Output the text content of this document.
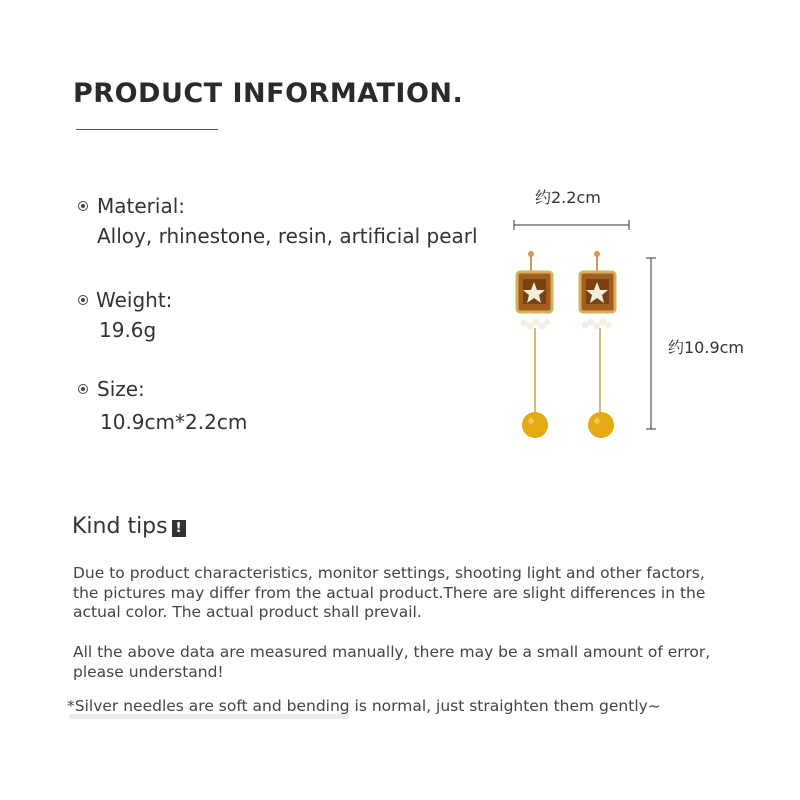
PRODUCT INFORMATION.
Material:
Alloy, rhinestone, resin, artificial pearl
Weight:
19.6g
Size:
10.9cm*2.2cm
约2.2cm
约10.9cm
Kind tips !
Due to product characteristics, monitor settings, shooting light and other factors, the pictures may differ from the actual product.There are slight differences in the actual color. The actual product shall prevail.
All the above data are measured manually, there may be a small amount of error, please understand!
*Silver needles are soft and bending is normal, just straighten them gently~
